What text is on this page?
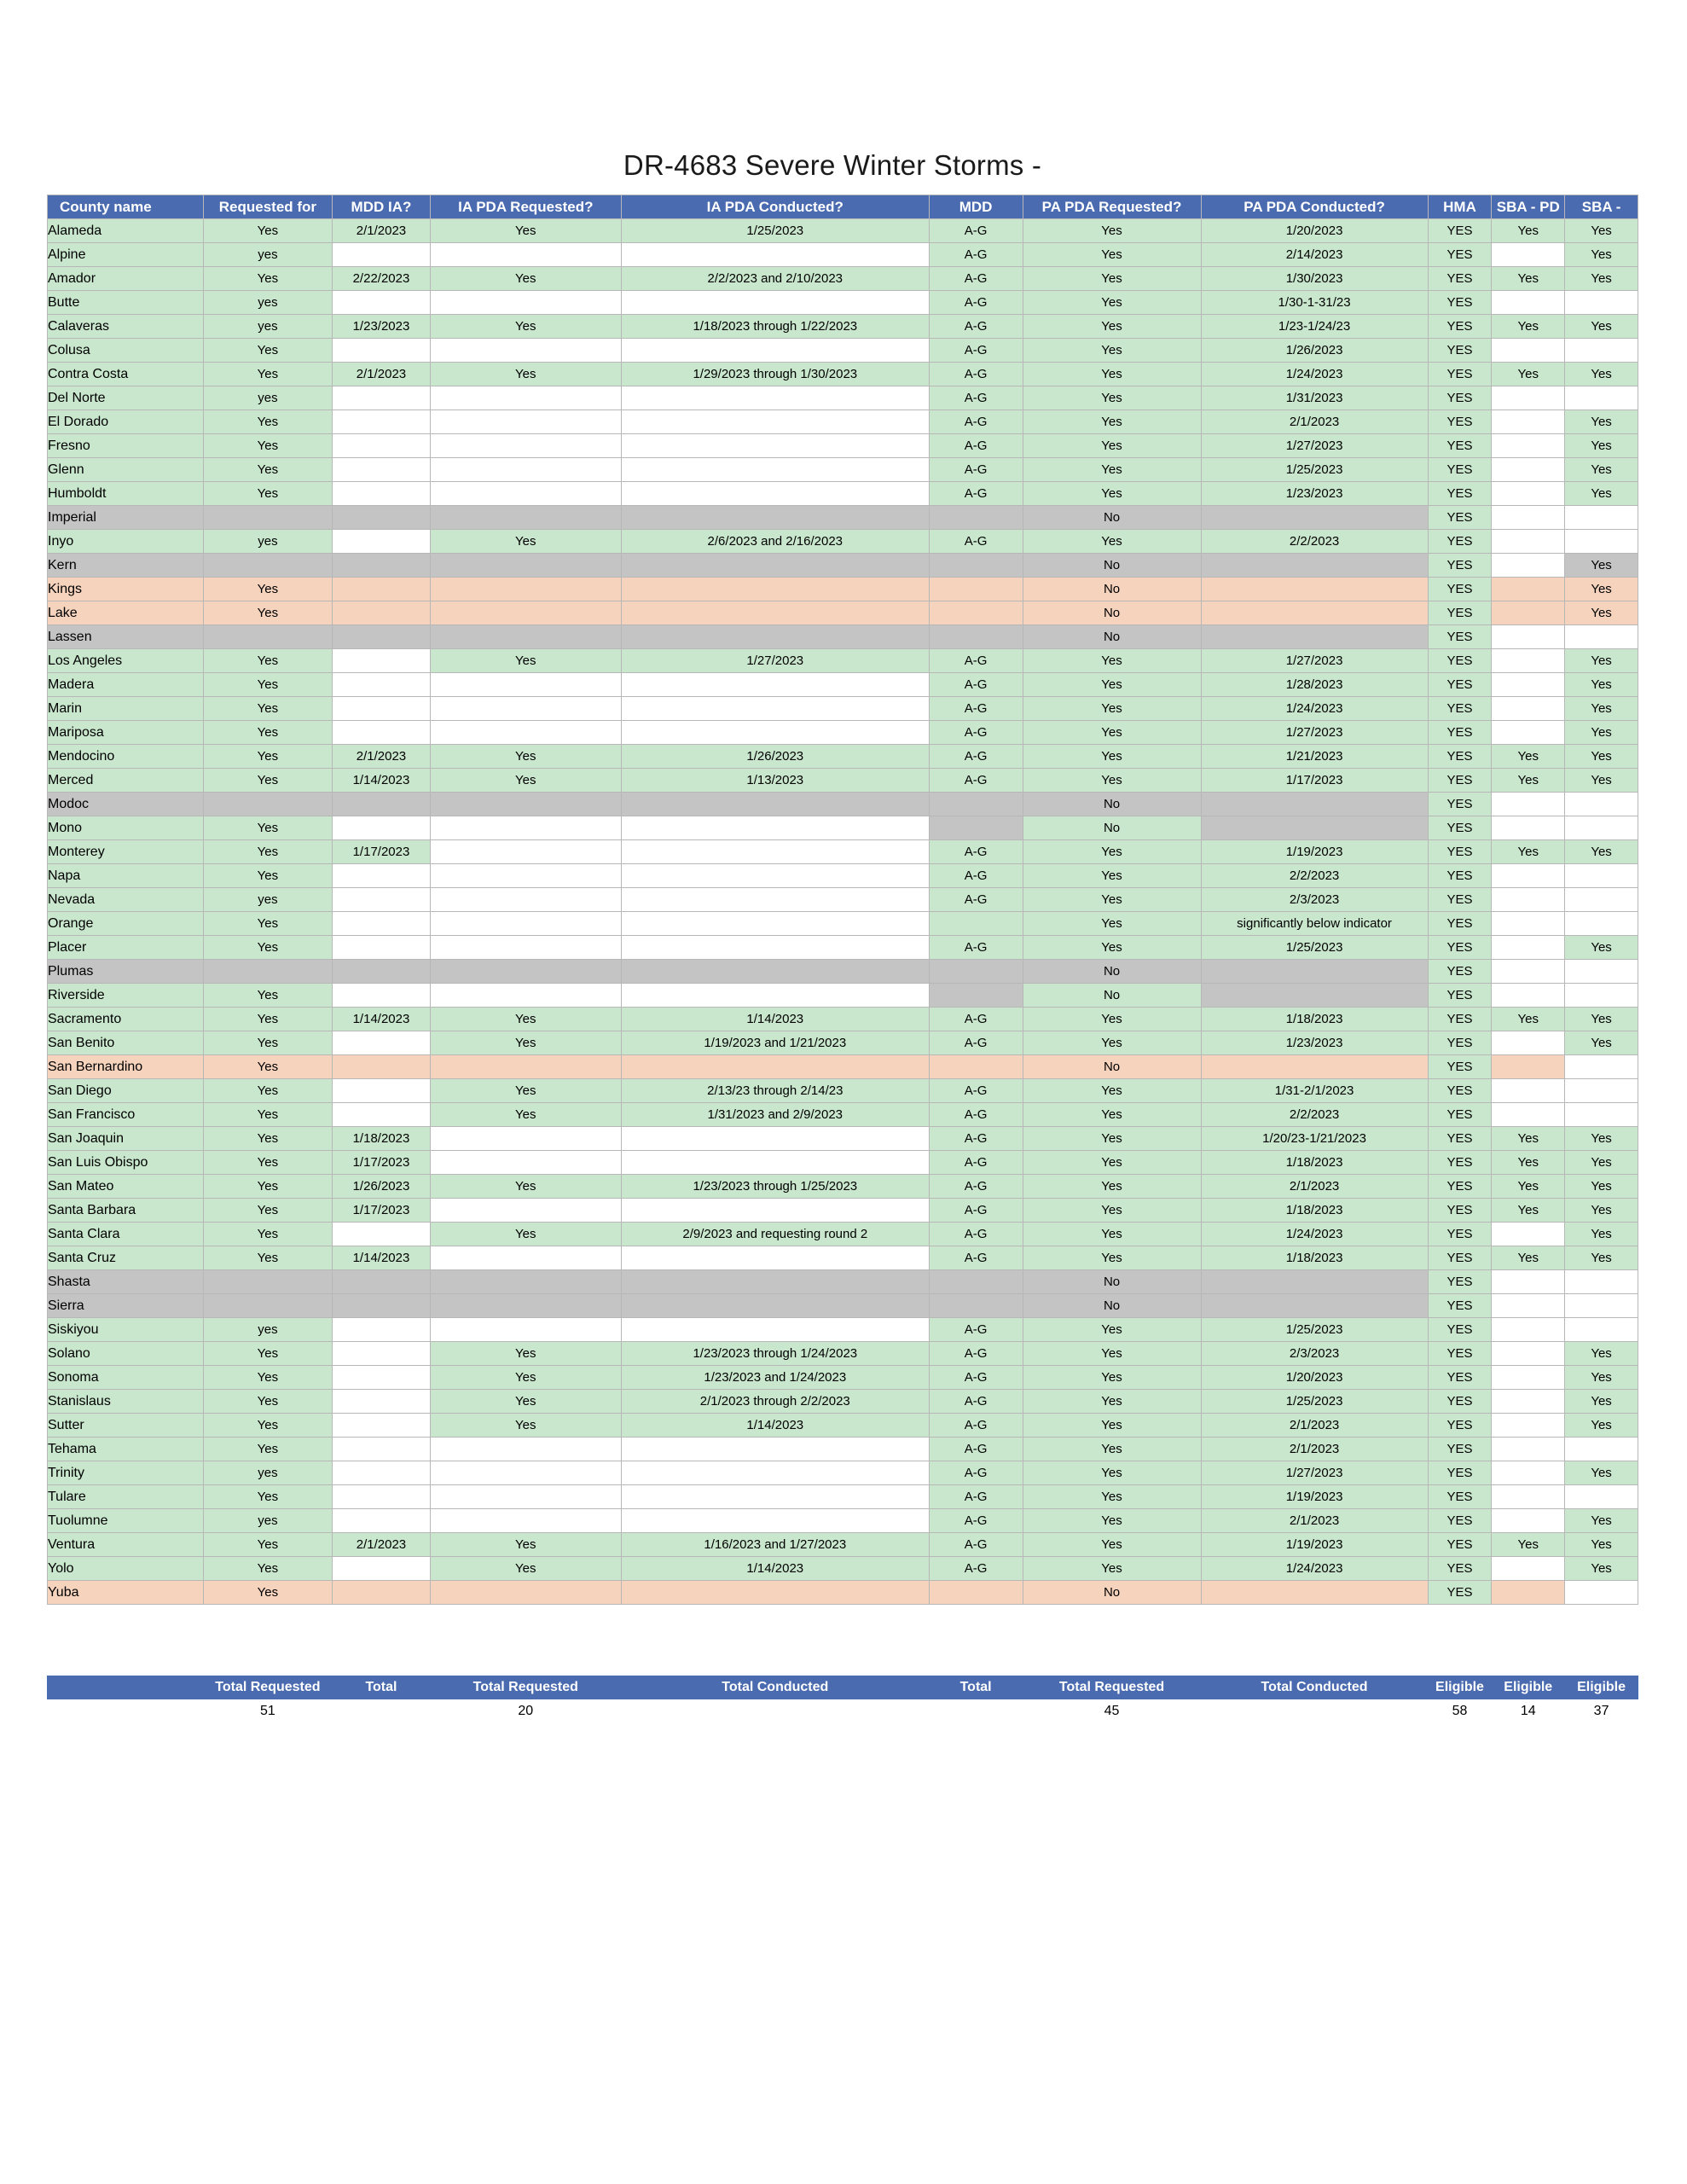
DR-4683 Severe Winter Storms -
County name	Requested for	MDD IA?	IA PDA Requested?	IA PDA Conducted?	MDD	PA PDA Requested?	PA PDA Conducted?	HMA	SBA - PD	SBA -
Alameda	Yes	2/1/2023	Yes	1/25/2023	A-G	Yes	1/20/2023	YES	Yes	Yes
Alpine	yes				A-G	Yes	2/14/2023	YES		Yes
Amador	Yes	2/22/2023	Yes	2/2/2023 and 2/10/2023	A-G	Yes	1/30/2023	YES	Yes	Yes
Butte	yes				A-G	Yes	1/30-1-31/23	YES		
Calaveras	yes	1/23/2023	Yes	1/18/2023 through 1/22/2023	A-G	Yes	1/23-1/24/23	YES	Yes	Yes
Colusa	Yes				A-G	Yes	1/26/2023	YES		
Contra Costa	Yes	2/1/2023	Yes	1/29/2023 through 1/30/2023	A-G	Yes	1/24/2023	YES	Yes	Yes
Del Norte	yes				A-G	Yes	1/31/2023	YES		
El Dorado	Yes				A-G	Yes	2/1/2023	YES		Yes
Fresno	Yes				A-G	Yes	1/27/2023	YES		Yes
Glenn	Yes				A-G	Yes	1/25/2023	YES		Yes
Humboldt	Yes				A-G	Yes	1/23/2023	YES		Yes
Imperial						No		YES		
Inyo	yes		Yes	2/6/2023 and 2/16/2023	A-G	Yes	2/2/2023	YES		
Kern						No		YES		Yes
Kings	Yes					No		YES		Yes
Lake	Yes					No		YES		Yes
Lassen						No		YES		
Los Angeles	Yes		Yes	1/27/2023	A-G	Yes	1/27/2023	YES		Yes
Madera	Yes				A-G	Yes	1/28/2023	YES		Yes
Marin	Yes				A-G	Yes	1/24/2023	YES		Yes
Mariposa	Yes				A-G	Yes	1/27/2023	YES		Yes
Mendocino	Yes	2/1/2023	Yes	1/26/2023	A-G	Yes	1/21/2023	YES	Yes	Yes
Merced	Yes	1/14/2023	Yes	1/13/2023	A-G	Yes	1/17/2023	YES	Yes	Yes
Modoc						No		YES		
Mono	Yes					No		YES		
Monterey	Yes	1/17/2023			A-G	Yes	1/19/2023	YES	Yes	Yes
Napa	Yes				A-G	Yes	2/2/2023	YES		
Nevada	yes				A-G	Yes	2/3/2023	YES		
Orange	Yes					Yes	significantly below indicator	YES		
Placer	Yes				A-G	Yes	1/25/2023	YES		Yes
Plumas						No		YES		
Riverside	Yes					No		YES		
Sacramento	Yes	1/14/2023	Yes	1/14/2023	A-G	Yes	1/18/2023	YES	Yes	Yes
San Benito	Yes		Yes	1/19/2023 and 1/21/2023	A-G	Yes	1/23/2023	YES		Yes
San Bernardino	Yes					No		YES		
San Diego	Yes		Yes	2/13/23 through 2/14/23	A-G	Yes	1/31-2/1/2023	YES		
San Francisco	Yes		Yes	1/31/2023 and 2/9/2023	A-G	Yes	2/2/2023	YES		
San Joaquin	Yes	1/18/2023			A-G	Yes	1/20/23-1/21/2023	YES	Yes	Yes
San Luis Obispo	Yes	1/17/2023			A-G	Yes	1/18/2023	YES	Yes	Yes
San Mateo	Yes	1/26/2023	Yes	1/23/2023 through 1/25/2023	A-G	Yes	2/1/2023	YES	Yes	Yes
Santa Barbara	Yes	1/17/2023			A-G	Yes	1/18/2023	YES	Yes	Yes
Santa Clara	Yes		Yes	2/9/2023 and requesting round 2	A-G	Yes	1/24/2023	YES		Yes
Santa Cruz	Yes	1/14/2023			A-G	Yes	1/18/2023	YES	Yes	Yes
Shasta						No		YES		
Sierra						No		YES		
Siskiyou	yes				A-G	Yes	1/25/2023	YES		
Solano	Yes		Yes	1/23/2023 through 1/24/2023	A-G	Yes	2/3/2023	YES		Yes
Sonoma	Yes		Yes	1/23/2023 and 1/24/2023	A-G	Yes	1/20/2023	YES		Yes
Stanislaus	Yes		Yes	2/1/2023 through 2/2/2023	A-G	Yes	1/25/2023	YES		Yes
Sutter	Yes		Yes	1/14/2023	A-G	Yes	2/1/2023	YES		Yes
Tehama	Yes				A-G	Yes	2/1/2023	YES		
Trinity	yes				A-G	Yes	1/27/2023	YES		Yes
Tulare	Yes				A-G	Yes	1/19/2023	YES		
Tuolumne	yes				A-G	Yes	2/1/2023	YES		Yes
Ventura	Yes	2/1/2023	Yes	1/16/2023 and 1/27/2023	A-G	Yes	1/19/2023	YES	Yes	Yes
Yolo	Yes		Yes	1/14/2023	A-G	Yes	1/24/2023	YES		Yes
Yuba	Yes					No		YES		
	Total Requested	Total	Total Requested	Total Conducted	Total	Total Requested	Total Conducted	Eligible	Eligible	Eligible
	51		20			45		58	14	37
